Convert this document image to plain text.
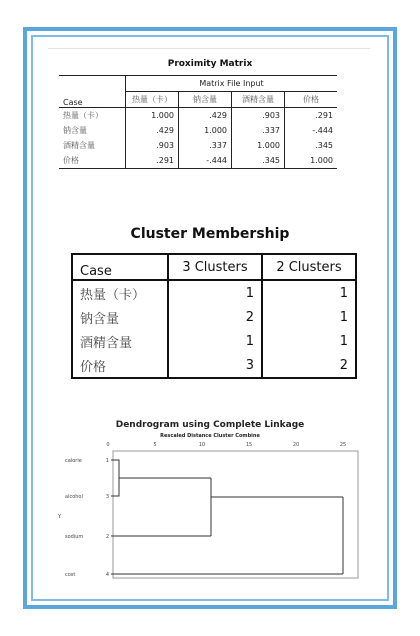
Proximity Matrix
Case	Matrix File Input			
	热量（卡）	钠含量	酒精含量	价格
热量（卡）	1.000	.429	.903	.291
钠含量	.429	1.000	.337	-.444
酒精含量	.903	.337	1.000	.345
价格	.291	-.444	.345	1.000
Cluster Membership
Case	3 Clusters	2 Clusters
热量（卡）	1	1
钠含量	2	1
酒精含量	1	1
价格	3	2
Dendrogram using Complete Linkage
Rescaled Distance Cluster Combine
0	5	10	15	20	25
calorie
alcohol
sodium
cost
1
3
2
4
Y
